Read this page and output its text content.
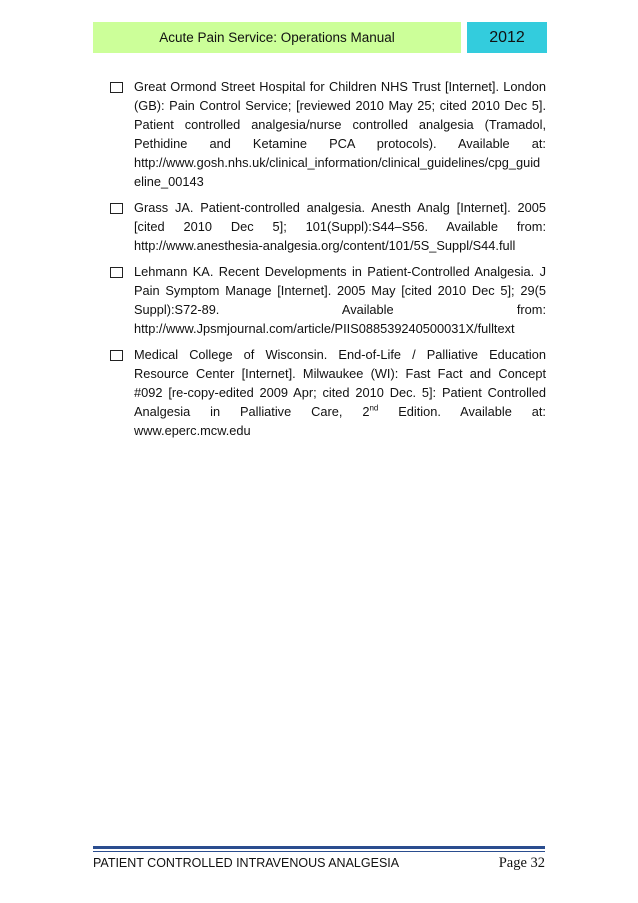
Acute Pain Service: Operations Manual	2012
Great Ormond Street Hospital for Children NHS Trust [Internet]. London (GB): Pain Control Service; [reviewed 2010 May 25; cited 2010 Dec 5]. Patient controlled analgesia/nurse controlled analgesia (Tramadol, Pethidine and Ketamine PCA protocols). Available at: http://www.gosh.nhs.uk/clinical_information/clinical_guidelines/cpg_guideline_00143
Grass JA. Patient-controlled analgesia. Anesth Analg [Internet]. 2005 [cited 2010 Dec 5]; 101(Suppl):S44–S56. Available from: http://www.anesthesia-analgesia.org/content/101/5S_Suppl/S44.full
Lehmann KA. Recent Developments in Patient-Controlled Analgesia. J Pain Symptom Manage [Internet]. 2005 May [cited 2010 Dec 5]; 29(5 Suppl):S72-89. Available from: http://www.Jpsmjournal.com/article/PIIS088539240500031X/fulltext
Medical College of Wisconsin. End-of-Life / Palliative Education Resource Center [Internet]. Milwaukee (WI): Fast Fact and Concept #092 [re-copy-edited 2009 Apr; cited 2010 Dec. 5]: Patient Controlled Analgesia in Palliative Care, 2nd Edition. Available at: www.eperc.mcw.edu
PATIENT CONTROLLED INTRAVENOUS ANALGESIA	Page 32
